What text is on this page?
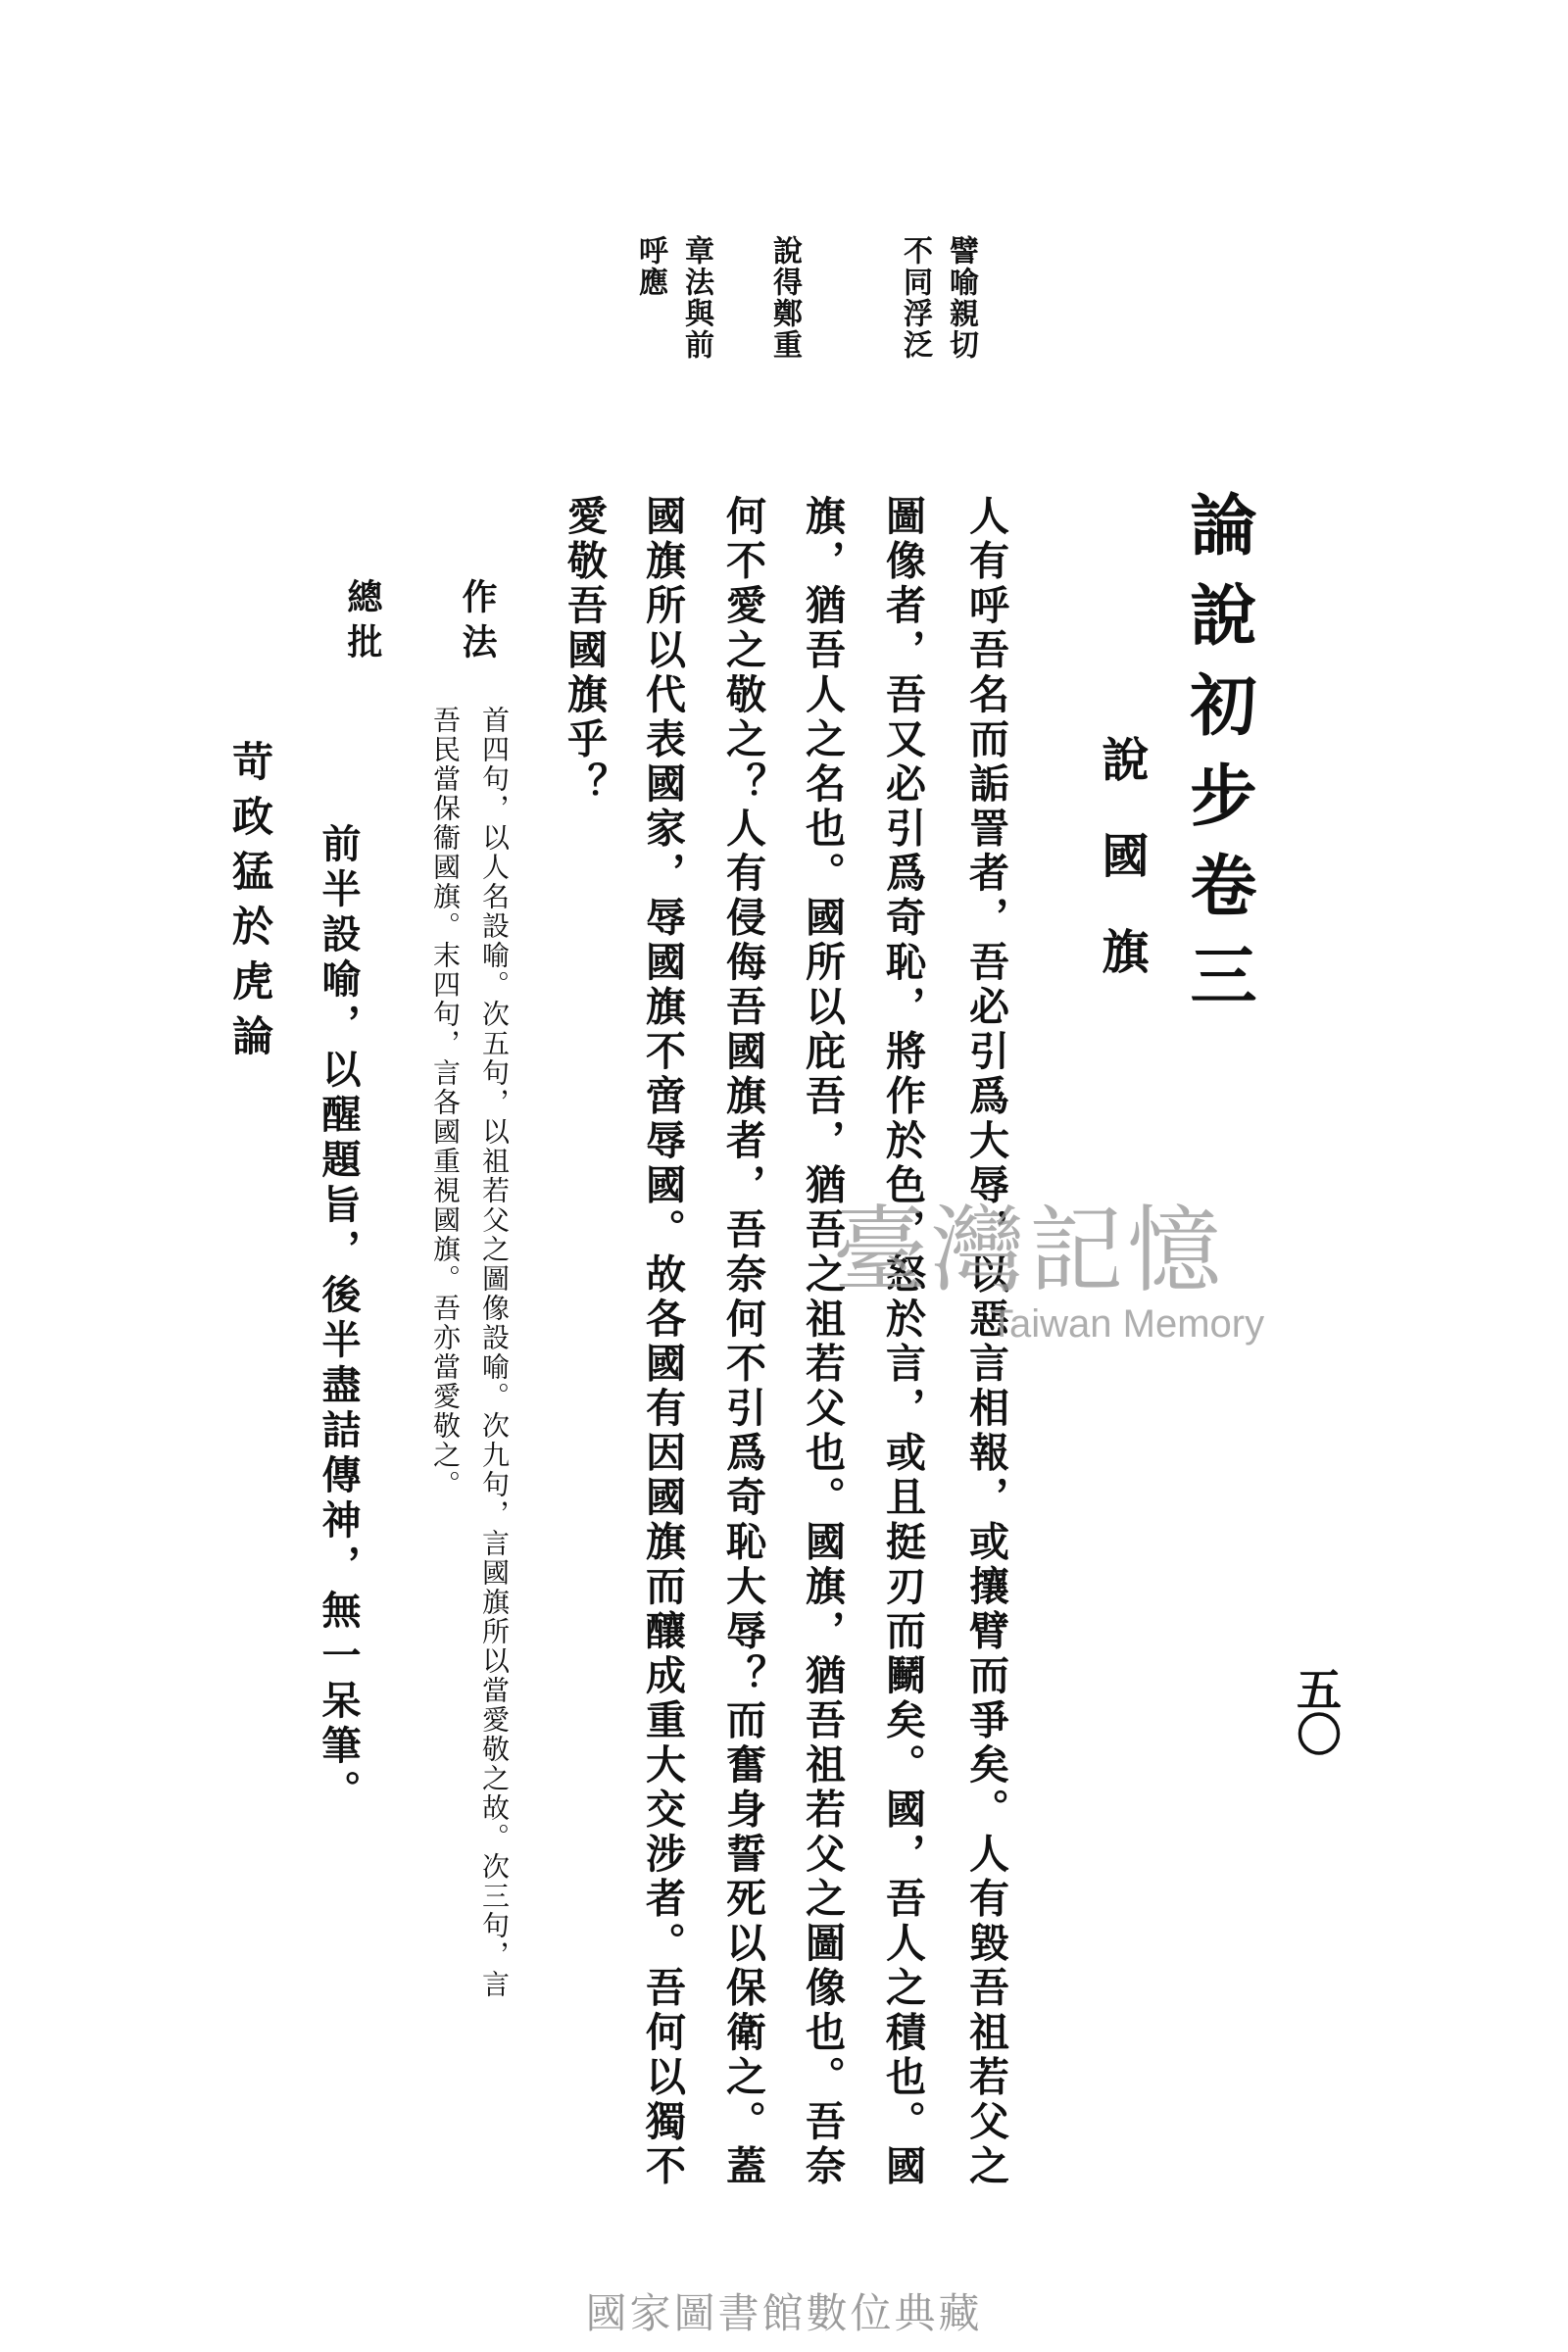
論說初步卷三
五〇
說國旗
人有呼吾名而詬詈者，吾必引爲大辱，以惡言相報，或攘臂而爭矣。人有毀吾祖若父之
圖像者，吾又必引爲奇恥，將作於色，怒於言，或且挺刃而鬭矣。國，吾人之積也。國
旗，猶吾人之名也。國所以庇吾，猶吾之祖若父也。國旗，猶吾祖若父之圖像也。吾奈
何不愛之敬之？人有侵侮吾國旗者，吾奈何不引爲奇恥大辱？而奮身誓死以保衛之。蓋
國旗所以代表國家，辱國旗不啻辱國。故各國有因國旗而釀成重大交涉者。吾何以獨不
愛敬吾國旗乎？
譬喻親切
不同浮泛
說得鄭重
章法與前
呼應
作法
首四句，以人名設喻。次五句，以祖若父之圖像設喻。次九句，言國旗所以當愛敬之故。次三句，言
吾民當保衞國旗。末四句，言各國重視國旗。吾亦當愛敬之。
總批
前半設喻，以醒題旨，後半盡詰傳神，無一呆筆。
苛政猛於虎論
臺灣記憶
Taiwan Memory
國家圖書館數位典藏
